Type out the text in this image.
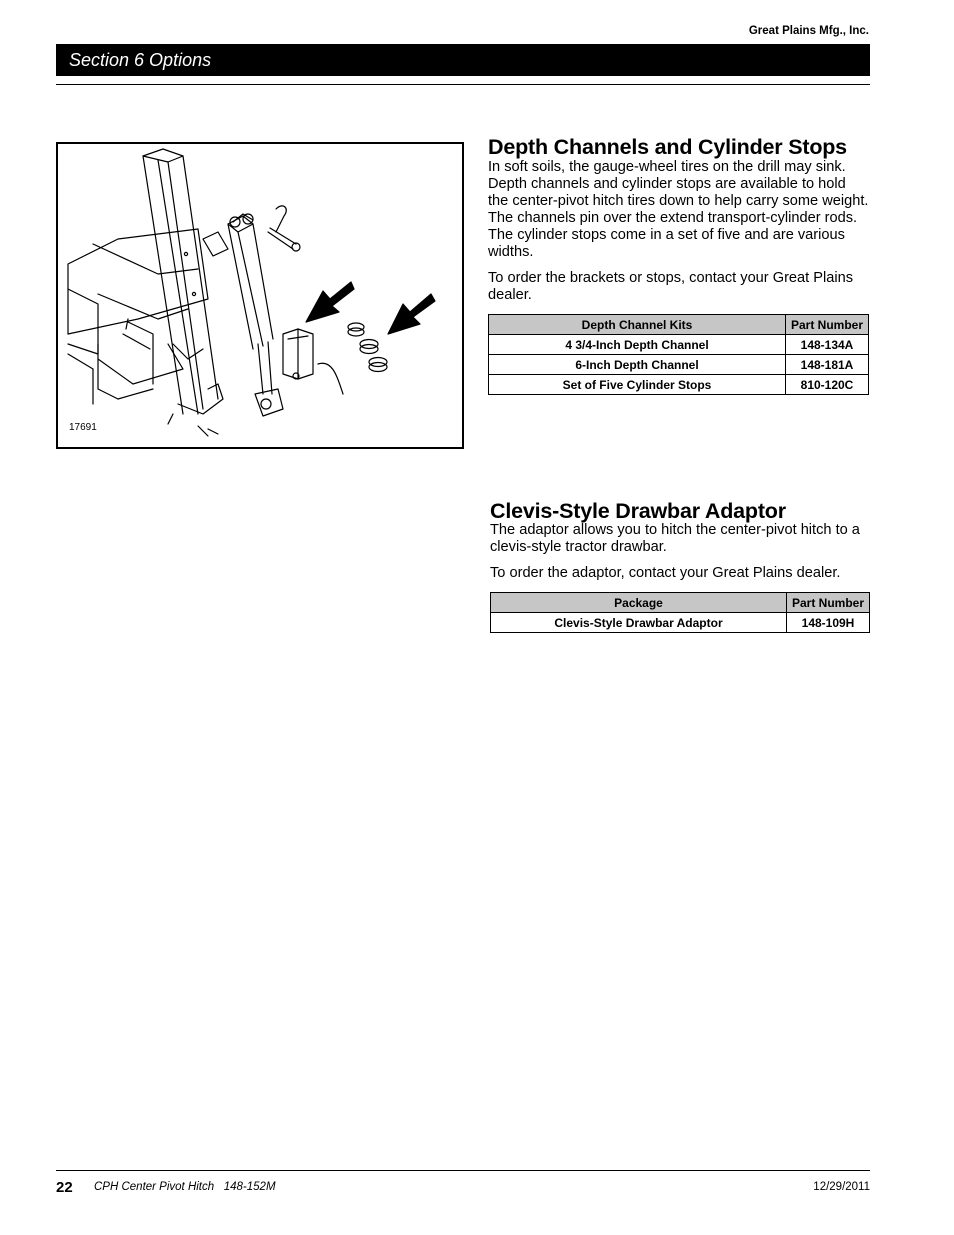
Great Plains Mfg., Inc.
Section 6 Options
17691
Depth Channels and Cylinder Stops

In soft soils, the gauge-wheel tires on the drill may sink. Depth channels and cylinder stops are available to hold the center-pivot hitch tires down to help carry some weight. The channels pin over the extend transport-cylinder rods. The cylinder stops come in a set of five and are various widths.

To order the brackets or stops, contact your Great Plains dealer.

Depth Channel Kits	Part Number
4 3/4-Inch Depth Channel	148-134A
6-Inch Depth Channel	148-181A
Set of Five Cylinder Stops	810-120C
Clevis-Style Drawbar Adaptor

The adaptor allows you to hitch the center-pivot hitch to a clevis-style tractor drawbar.

To order the adaptor, contact your Great Plains dealer.

Package	Part Number
Clevis-Style Drawbar Adaptor	148-109H
22 CPH Center Pivot Hitch   148-152M	12/29/2011
